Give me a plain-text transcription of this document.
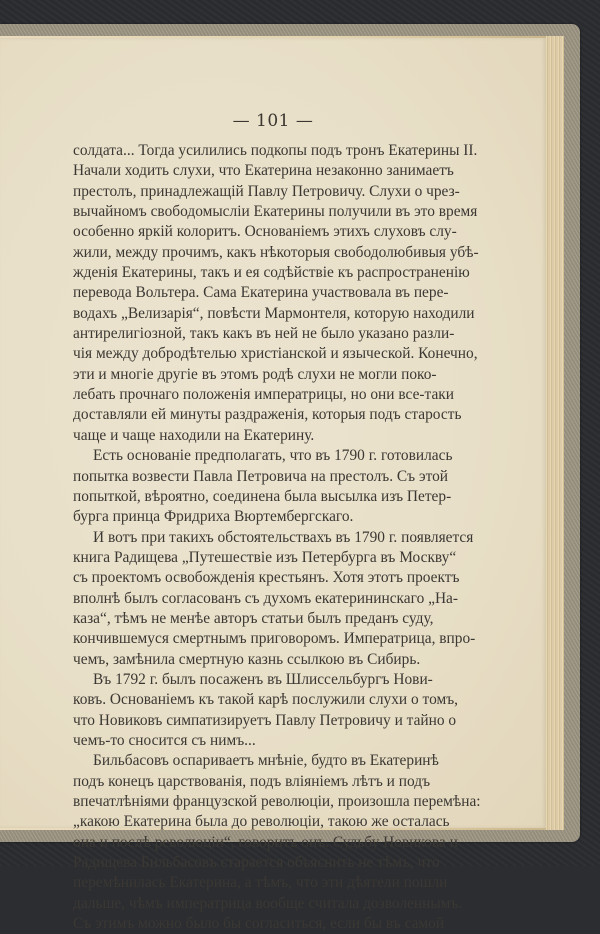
— 101 —
солдата... Тогда усилились подкопы подъ тронъ Екатерины II.
Начали ходить слухи, что Екатерина незаконно занимаетъ
престолъ, принадлежащій Павлу Петровичу. Слухи о чрез-
вычайномъ свободомысліи Екатерины получили въ это время
особенно яркій колоритъ. Основаніемъ этихъ слуховъ слу-
жили, между прочимъ, какъ нѣкоторыя свободолюбивыя убѣ-
жденія Екатерины, такъ и ея содѣйствіе къ распространенію
перевода Вольтера. Сама Екатерина участвовала въ пере-
водахъ „Велизарія“, повѣсти Мармонтеля, которую находили
антирелигіозной, такъ какъ въ ней не было указано разли-
чія между добродѣтелью христіанской и языческой. Конечно,
эти и многіе другіе въ этомъ родѣ слухи не могли поко-
лебать прочнаго положенія императрицы, но они все-таки
доставляли ей минуты раздраженія, которыя подъ старость
чаще и чаще находили на Екатерину.
Есть основаніе предполагать, что въ 1790 г. готовилась
попытка возвести Павла Петровича на престолъ. Съ этой
попыткой, вѣроятно, соединена была высылка изъ Петер-
бурга принца Фридриха Вюртембергскаго.
И вотъ при такихъ обстоятельствахъ въ 1790 г. появляется
книга Радищева „Путешествіе изъ Петербурга въ Москву“
съ проектомъ освобожденія крестьянъ. Хотя этотъ проектъ
вполнѣ былъ согласованъ съ духомъ екатерининскаго „На-
каза“, тѣмъ не менѣе авторъ статьи былъ преданъ суду,
кончившемуся смертнымъ приговоромъ. Императрица, впро-
чемъ, замѣнила смертную казнь ссылкою въ Сибирь.
Въ 1792 г. былъ посаженъ въ Шлиссельбургъ Нови-
ковъ. Основаніемъ къ такой карѣ послужили слухи о томъ,
что Новиковъ симпатизируетъ Павлу Петровичу и тайно о
чемъ-то сносится съ нимъ...
Бильбасовъ оспариваетъ мнѣніе, будто въ Екатеринѣ
подъ конецъ царствованія, подъ вліяніемъ лѣтъ и подъ
впечатлѣніями французской революціи, произошла перемѣна:
„какою Екатерина была до революціи, такою же осталась
она и послѣ революціи“, говоритъ онъ. Судьбу Новикова и
Радищева Бильбасовъ старается объяснить не тѣмъ, что
перемѣнилась Екатерина, а тѣмъ, что эти дѣятели пошли
дальше, чѣмъ императрица вообще считала дозволеннымъ.
Съ этимъ можно было бы согласиться, если бы въ самой
